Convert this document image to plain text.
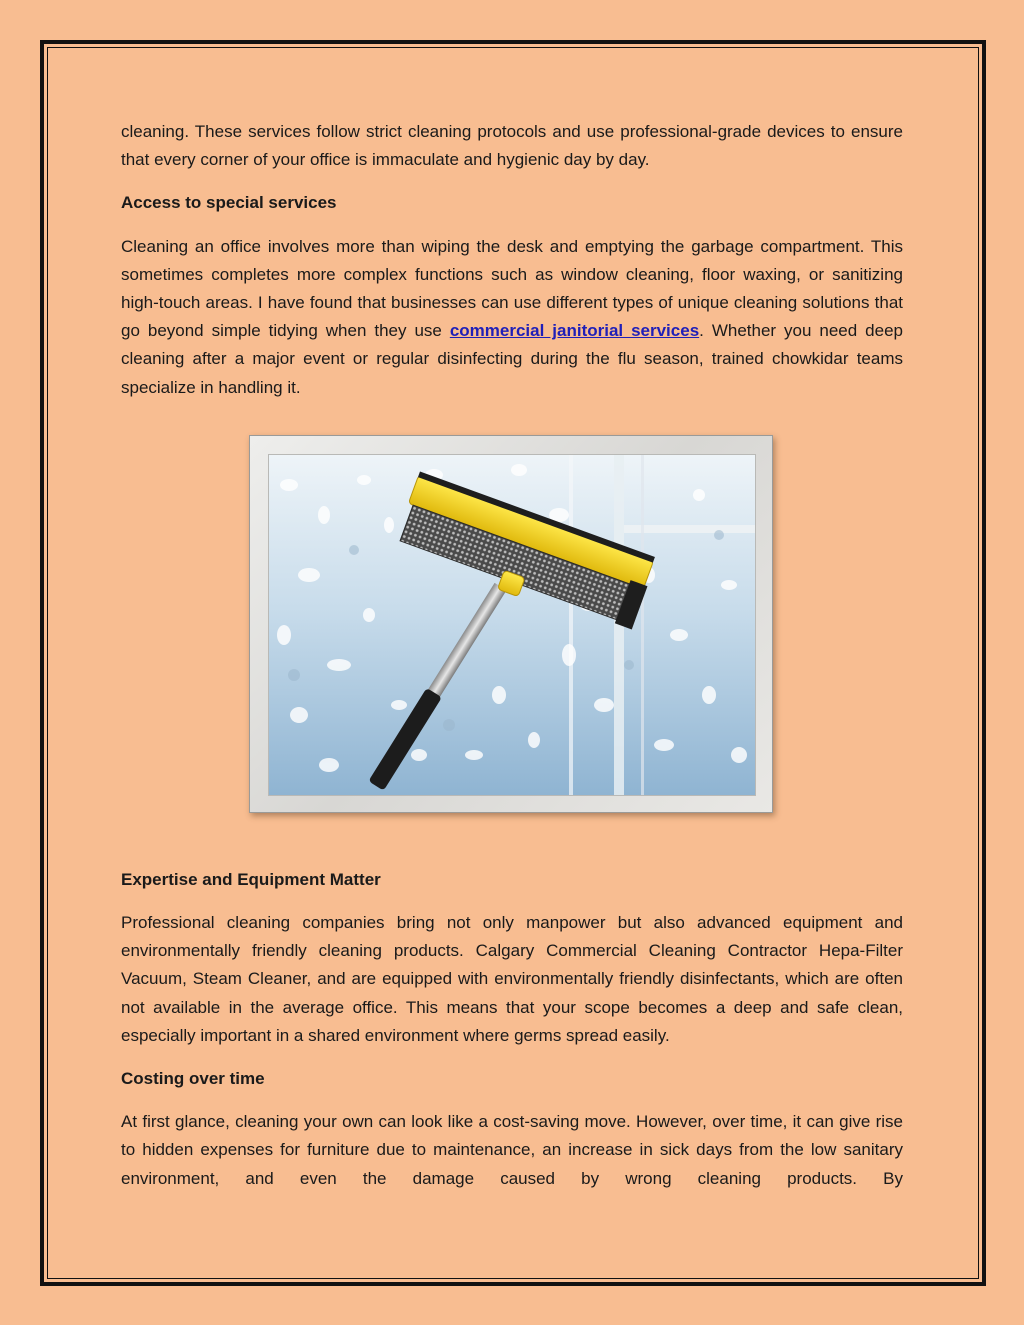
cleaning. These services follow strict cleaning protocols and use professional-grade devices to ensure that every corner of your office is immaculate and hygienic day by day.

Access to special services

Cleaning an office involves more than wiping the desk and emptying the garbage compartment. This sometimes completes more complex functions such as window cleaning, floor waxing, or sanitizing high-touch areas. I have found that businesses can use different types of unique cleaning solutions that go beyond simple tidying when they use commercial janitorial services. Whether you need deep cleaning after a major event or regular disinfecting during the flu season, trained chowkidar teams specialize in handling it.

Expertise and Equipment Matter

Professional cleaning companies bring not only manpower but also advanced equipment and environmentally friendly cleaning products. Calgary Commercial Cleaning Contractor Hepa-Filter Vacuum, Steam Cleaner, and are equipped with environmentally friendly disinfectants, which are often not available in the average office. This means that your scope becomes a deep and safe clean, especially important in a shared environment where germs spread easily.

Costing over time

At first glance, cleaning your own can look like a cost-saving move. However, over time, it can give rise to hidden expenses for furniture due to maintenance, an increase in sick days from the low sanitary environment, and even the damage caused by wrong cleaning products. By
